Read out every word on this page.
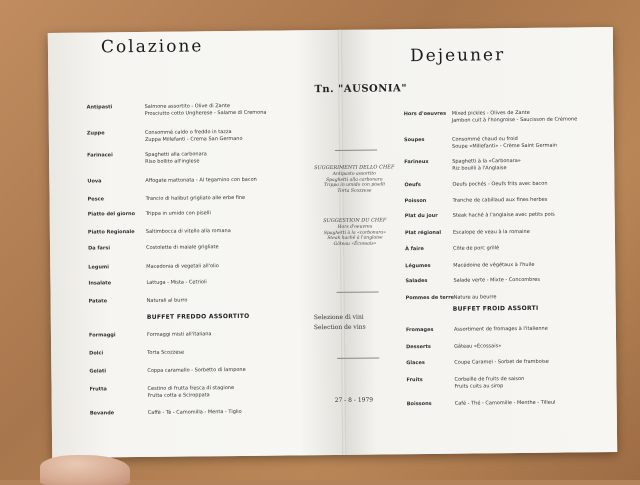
Colazione	Dejeuner
Tn. "AUSONIA"
Antipasti	Salmone assortito - Olive di Zante
Prosciutto cotto Ungherese - Salame di Cremona
Zuppe	Consommé caldo o freddo in tazza
Zuppa Millefanti - Crema San Germano
Farinacei	Spaghetti alla carbonara
Riso bollito all'inglese
Uova	Affogate mattonata - Al tegamino con bacon
Pesce	Trancio di halibut grigliato alle erbe fine
Piatto del giorno Trippa in umido con piselli
Piatto Regionale Saltimbocca di vitello alla romana
Da farsi	Costolette di maiale grigliate
Legumi	Macedonia di vegetali all'olio
Insalate	Lattuga - Mista - Cetrioli
Patate	Naturali al burro
Formaggi	Formaggi misti all'italiana
Dolci	Torta Scozzese
Gelati	Coppa caramello - Sorbetto di lampone
Frutta	Cestino di frutta fresca di stagione
Frutta cotta e Sciroppata
Bevande	Caffè - Tè - Camomilla - Menta - Tiglio
BUFFET FREDDO ASSORTITO
Hors d'oeuvres Mixed pickles - Olives de Zante
Jambon cuit à l'hongroise - Saucisson de Crémone
Soupes	Consommé chaud ou froid
Soupe «Millefanti» - Crème Saint Germain
Farineux	Spaghetti à la «Carbonara»
Riz bouilli à l'Anglaise
Oeufs	Oeufs pochés - Oeufs frits avec bacon
Poisson	Tranche de cabillaud aux fines herbes
Plat du jour	Steak haché à l'anglaise avec petits pois
Plat régional Escalope de veau à la romaine
À faire	Côte de porc grillé
Légumes	Macédoine de végétaux à l'huile
Salades	Salade verte - Mixte - Concombres
Pommes de terre Nature au beurre
Fromages	Assortiment de fromages à l'italienne
Desserts	Gâteau «Écossais»
Glaces	Coupe Caramel - Sorbet de framboise
Fruits	Corbeille de fruits de saison
Fruits cuits au sirop
Boissons	Café - Thé - Camomille - Menthe - Tilleul
BUFFET FROID ASSORTI
SUGGERIMENTI DELLO CHEF
Antipasto assortito
Spaghetti alla carbonara
Trippa in umido con piselli
Torta Scozzese
SUGGESTION DU CHEF
Hors d'oeuvres
Spaghetti à la «carbonara»
Steak haché à l'anglaise
Gâteau «Écossais»
Selezione di vini
Selection de vins
27 - 8 - 1979
